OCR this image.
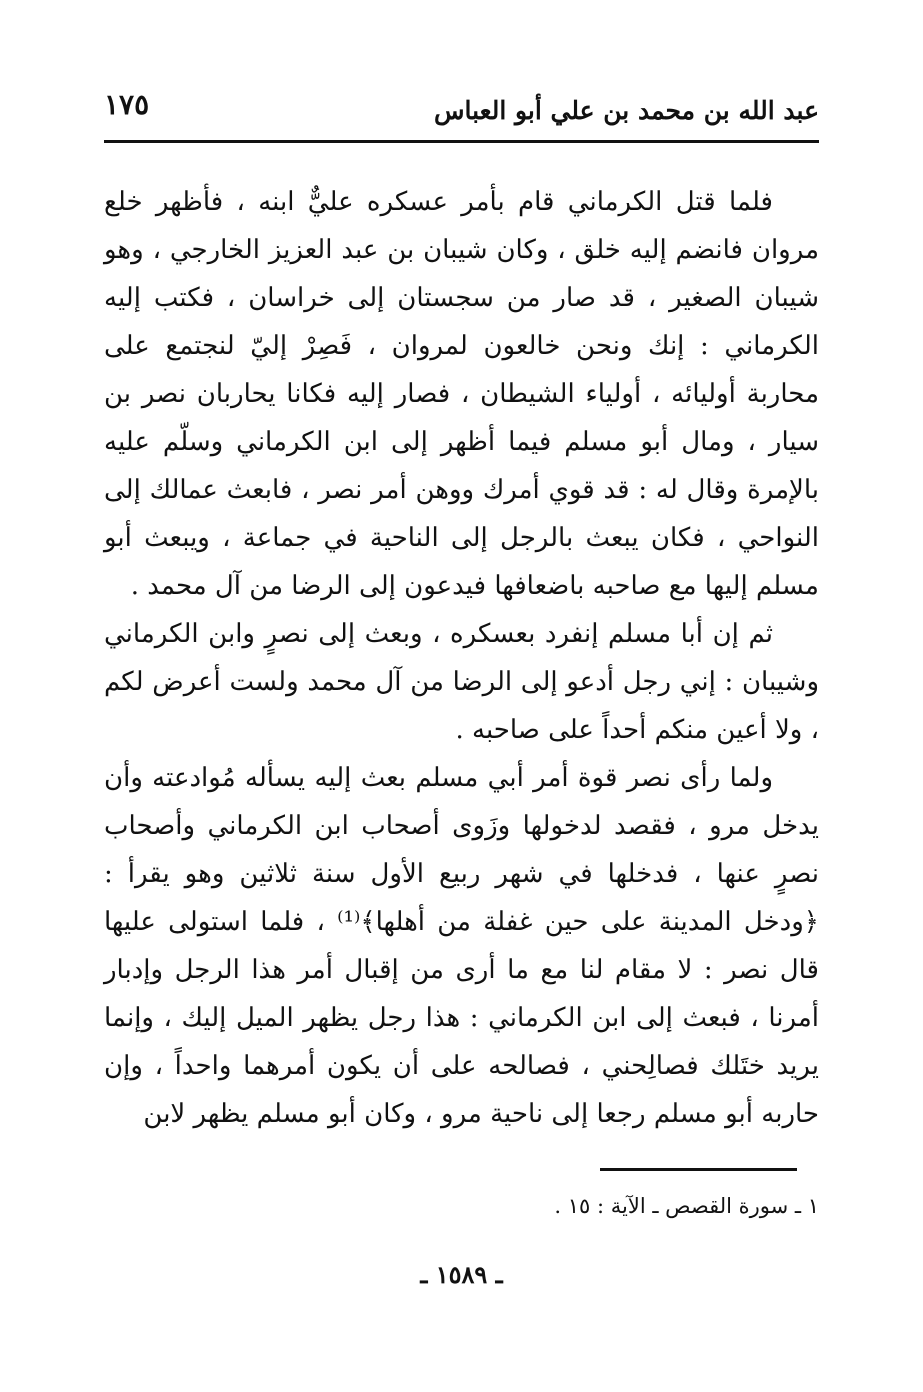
عبد الله بن محمد بن علي أبو العباس
١٧٥

فلما قتل الكرماني قام بأمر عسكره عليٌّ ابنه ، فأظهر خلع مروان فانضم إليه خلق ، وكان شيبان بن عبد العزيز الخارجي ، وهو شيبان الصغير ، قد صار من سجستان إلى خراسان ، فكتب إليه الكرماني : إنك ونحن خالعون لمروان ، فَصِرْ إليّ لنجتمع على محاربة أوليائه ، أولياء الشيطان ، فصار إليه فكانا يحاربان نصر بن سيار ، ومال أبو مسلم فيما أظهر إلى ابن الكرماني وسلّم عليه بالإمرة وقال له : قد قوي أمرك ووهن أمر نصر ، فابعث عمالك إلى النواحي ، فكان يبعث بالرجل إلى الناحية في جماعة ، ويبعث أبو مسلم إليها مع صاحبه باضعافها فيدعون إلى الرضا من آل محمد .

ثم إن أبا مسلم إنفرد بعسكره ، وبعث إلى نصرٍ وابن الكرماني وشيبان : إني رجل أدعو إلى الرضا من آل محمد ولست أعرض لكم ، ولا أعين منكم أحداً على صاحبه .

ولما رأى نصر قوة أمر أبي مسلم بعث إليه يسأله مُوادعته وأن يدخل مرو ، فقصد لدخولها وزَوى أصحاب ابن الكرماني وأصحاب نصرٍ عنها ، فدخلها في شهر ربيع الأول سنة ثلاثين وهو يقرأ : ﴿ودخل المدينة على حين غفلة من أهلها﴾⁽¹⁾ ، فلما استولى عليها قال نصر : لا مقام لنا مع ما أرى من إقبال أمر هذا الرجل وإدبار أمرنا ، فبعث إلى ابن الكرماني : هذا رجل يظهر الميل إليك ، وإنما يريد ختَلك فصالِحني ، فصالحه على أن يكون أمرهما واحداً ، وإن حاربه أبو مسلم رجعا إلى ناحية مرو ، وكان أبو مسلم يظهر لابن

١ ـ سورة القصص ـ الآية : ١٥ .
ـ ١٥٨٩ ـ
